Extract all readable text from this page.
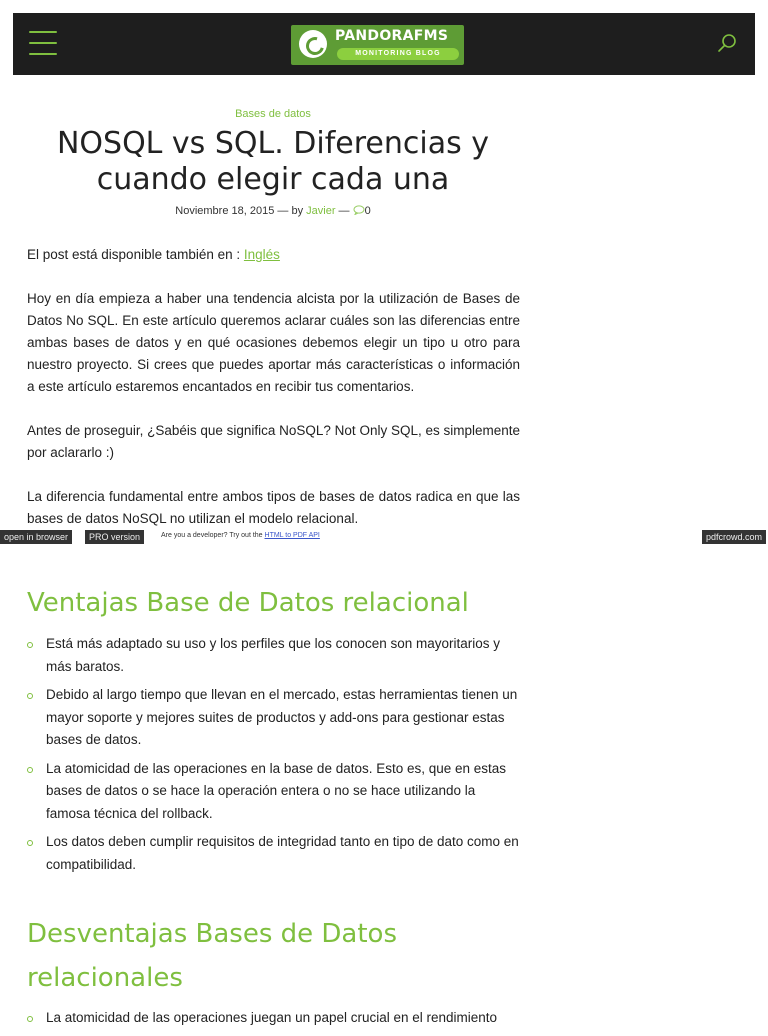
PANDORAFMS
MONITORING BLOG
Bases de datos
NOSQL vs SQL. Diferencias y cuando elegir cada una
Noviembre 18, 2015 — by Javier — 0

El post está disponible también en : Inglés

Hoy en día empieza a haber una tendencia alcista por la utilización de Bases de Datos No SQL. En este artículo queremos aclarar cuáles son las diferencias entre ambas bases de datos y en qué ocasiones debemos elegir un tipo u otro para nuestro proyecto. Si crees que puedes aportar más características o información a este artículo estaremos encantados en recibir tus comentarios.

Antes de proseguir, ¿Sabéis que significa NoSQL? Not Only SQL, es simplemente por aclararlo :)

La diferencia fundamental entre ambos tipos de bases de datos radica en que las bases de datos NoSQL no utilizan el modelo relacional.

open in browser	PRO version	Are you a developer? Try out the HTML to PDF API	pdfcrowd.com
Ventajas Base de Datos relacional
Está más adaptado su uso y los perfiles que los conocen son mayoritarios y más baratos.
Debido al largo tiempo que llevan en el mercado, estas herramientas tienen un mayor soporte y mejores suites de productos y add-ons para gestionar estas bases de datos.
La atomicidad de las operaciones en la base de datos. Esto es, que en estas bases de datos o se hace la operación entera o no se hace utilizando la famosa técnica del rollback.
Los datos deben cumplir requisitos de integridad tanto en tipo de dato como en compatibilidad.
Desventajas Bases de Datos relacionales
La atomicidad de las operaciones juegan un papel crucial en el rendimiento
